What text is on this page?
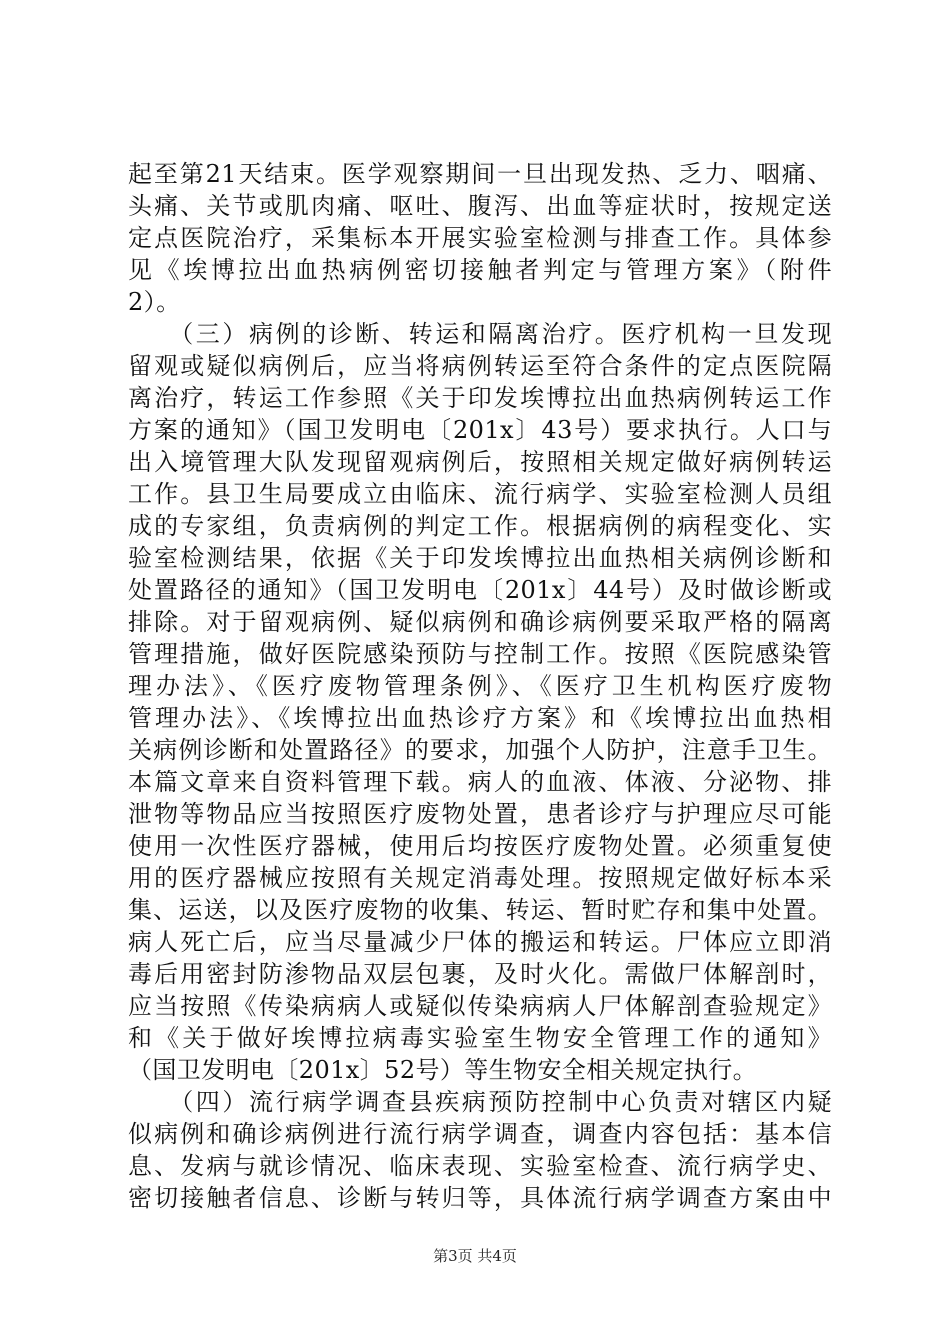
起至第21天结束。医学观察期间一旦出现发热、乏力、咽痛、
头痛、关节或肌肉痛、呕吐、腹泻、出血等症状时，按规定送
定点医院治疗，采集标本开展实验室检测与排查工作。具体参
见《埃博拉出血热病例密切接触者判定与管理方案》（附件
2）。
　　（三）病例的诊断、转运和隔离治疗。医疗机构一旦发现
留观或疑似病例后，应当将病例转运至符合条件的定点医院隔
离治疗，转运工作参照《关于印发埃博拉出血热病例转运工作
方案的通知》（国卫发明电〔201x〕43号）要求执行。人口与
出入境管理大队发现留观病例后，按照相关规定做好病例转运
工作。县卫生局要成立由临床、流行病学、实验室检测人员组
成的专家组，负责病例的判定工作。根据病例的病程变化、实
验室检测结果，依据《关于印发埃博拉出血热相关病例诊断和
处置路径的通知》（国卫发明电〔201x〕44号）及时做诊断或
排除。对于留观病例、疑似病例和确诊病例要采取严格的隔离
管理措施，做好医院感染预防与控制工作。按照《医院感染管
理办法》、《医疗废物管理条例》、《医疗卫生机构医疗废物
管理办法》、《埃博拉出血热诊疗方案》和《埃博拉出血热相
关病例诊断和处置路径》的要求，加强个人防护，注意手卫生。
本篇文章来自资料管理下载。病人的血液、体液、分泌物、排
泄物等物品应当按照医疗废物处置，患者诊疗与护理应尽可能
使用一次性医疗器械，使用后均按医疗废物处置。必须重复使
用的医疗器械应按照有关规定消毒处理。按照规定做好标本采
集、运送，以及医疗废物的收集、转运、暂时贮存和集中处置。
病人死亡后，应当尽量减少尸体的搬运和转运。尸体应立即消
毒后用密封防渗物品双层包裹，及时火化。需做尸体解剖时，
应当按照《传染病病人或疑似传染病病人尸体解剖查验规定》
和《关于做好埃博拉病毒实验室生物安全管理工作的通知》
（国卫发明电〔201x〕52号）等生物安全相关规定执行。
　　（四）流行病学调查县疾病预防控制中心负责对辖区内疑
似病例和确诊病例进行流行病学调查，调查内容包括：基本信
息、发病与就诊情况、临床表现、实验室检查、流行病学史、
密切接触者信息、诊断与转归等，具体流行病学调查方案由中
第3页 共4页
